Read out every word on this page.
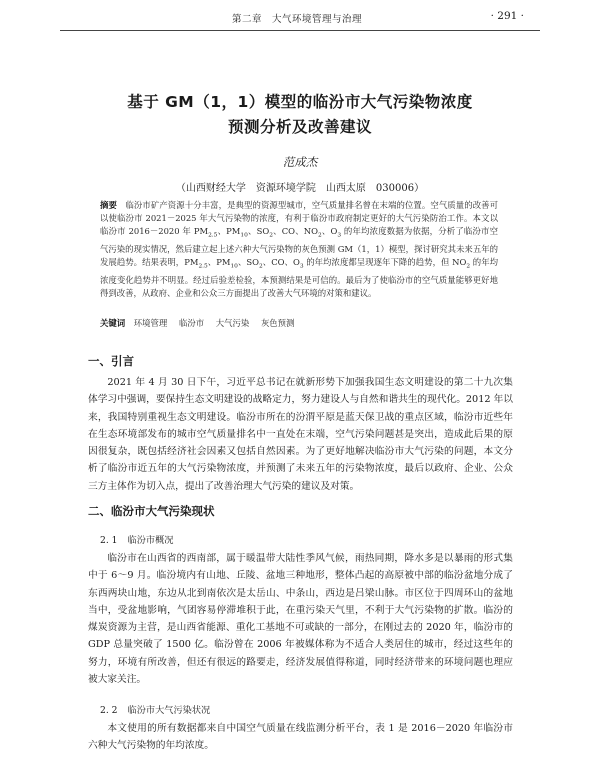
第二章　大气环境管理与治理	· 291 ·
基于 GM（1，1）模型的临汾市大气污染物浓度
预测分析及改善建议
范成杰
（山西财经大学　资源环境学院　山西太原　030006）
摘要　 临汾市矿产资源十分丰富，是典型的资源型城市，空气质量排名曾在末端的位置。空气质量的改善可以使临汾市 2021－2025 年大气污染物的浓度，有利于临汾市政府制定更好的大气污染防治工作。本文以临汾市 2016－2020 年 $PM_{2.5}$、$PM_{10}$、$SO_2$、CO、$NO_2$、$O_3$ 的年均浓度数据为依据，分析了临汾市空气污染的现实情况，然后建立起上述六种大气污染物的灰色预测 GM（1，1）模型，探讨研究其未来五年的发展趋势。结果表明，$PM_{2.5}$、$PM_{10}$、$SO_2$、CO、$O_3$ 的年均浓度都呈现逐年下降的趋势，但 $NO_2$ 的年均浓度变化趋势并不明显。经过后验差检验，本预测结果是可信的。最后为了使临汾市的空气质量能够更好地得到改善，从政府、企业和公众三方面提出了改善大气环境的对策和建议。
关键词 环境管理 临汾市 大气污染 灰色预测
一、引言
2021 年 4 月 30 日下午，习近平总书记在就新形势下加强我国生态文明建设的第二十九次集体学习中强调，要保持生态文明建设的战略定力，努力建设人与自然和谐共生的现代化。2012 年以来，我国特别重视生态文明建设。临汾市所在的汾渭平原是蓝天保卫战的重点区域，临汾市近些年在生态环境部发布的城市空气质量排名中一直处在末端，空气污染问题甚是突出，造成此后果的原因很复杂，既包括经济社会因素又包括自然因素。为了更好地解决临汾市大气污染的问题，本文分析了临汾市近五年的大气污染物浓度，并预测了未来五年的污染物浓度，最后以政府、企业、公众三方主体作为切入点，提出了改善治理大气污染的建议及对策。
二、临汾市大气污染现状
2. 1 临汾市概况
临汾市在山西省的西南部，属于暖温带大陆性季风气候，雨热同期，降水多是以暴雨的形式集中于 6～9 月。临汾境内有山地、丘陵、盆地三种地形，整体凸起的高原被中部的临汾盆地分成了东西两块山地，东边从北到南依次是太岳山、中条山，西边是吕梁山脉。市区位于四周环山的盆地当中，受盆地影响，气团容易停滞堆积于此，在重污染天气里，不利于大气污染物的扩散。临汾的煤炭资源为主营，是山西省能源、重化工基地不可或缺的一部分，在刚过去的 2020 年，临汾市的 GDP 总量突破了 1500 亿。临汾曾在 2006 年被媒体称为不适合人类居住的城市，经过这些年的努力，环境有所改善，但还有很远的路要走，经济发展值得称道，同时经济带来的环境问题也理应被大家关注。
2. 2 临汾市大气污染状况
本文使用的所有数据都来自中国空气质量在线监测分析平台，表 1 是 2016－2020 年临汾市六种大气污染物的年均浓度。
